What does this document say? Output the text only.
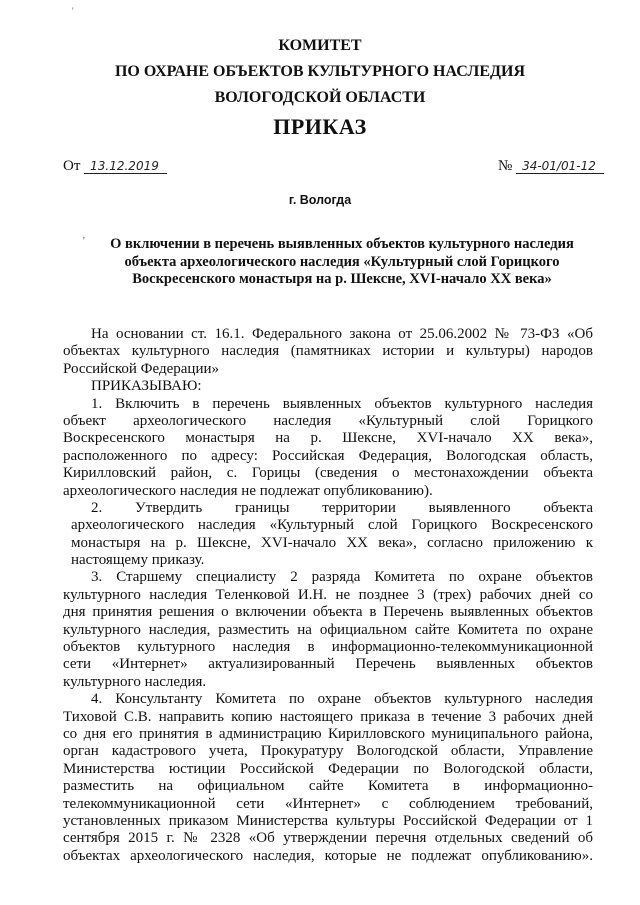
'
КОМИТЕТ
ПО ОХРАНЕ ОБЪЕКТОВ КУЛЬТУРНОГО НАСЛЕДИЯ
ВОЛОГОДСКОЙ ОБЛАСТИ
ПРИКАЗ
От 13.12.2019	№ 34-01/01-12
г. Вологда
'	О включении в перечень выявленных объектов культурного наследия
объекта археологического наследия «Культурный слой Горицкого
Воскресенского монастыря на р. Шексне, XVI-начало XX века»
На основании ст. 16.1. Федерального закона от 25.06.2002 № 73-ФЗ «Об
объектах культурного наследия (памятниках истории и культуры) народов
Российской Федерации»
ПРИКАЗЫВАЮ:
1. Включить в перечень выявленных объектов культурного наследия
объект археологического наследия «Культурный слой Горицкого
Воскресенского монастыря на р. Шексне, XVI-начало XX века»,
расположенного по адресу: Российская Федерация, Вологодская область,
Кирилловский район, с. Горицы (сведения о местонахождении объекта
археологического наследия не подлежат опубликованию).
2. Утвердить границы территории выявленного объекта
археологического наследия «Культурный слой Горицкого Воскресенского
монастыря на р. Шексне, XVI-начало XX века», согласно приложению к
настоящему приказу.
3. Старшему специалисту 2 разряда Комитета по охране объектов
культурного наследия Теленковой И.Н. не позднее 3 (трех) рабочих дней со
дня принятия решения о включении объекта в Перечень выявленных объектов
культурного наследия, разместить на официальном сайте Комитета по охране
объектов культурного наследия в информационно-телекоммуникационной
сети «Интернет» актуализированный Перечень выявленных объектов
культурного наследия.
4. Консультанту Комитета по охране объектов культурного наследия
Тиховой С.В. направить копию настоящего приказа в течение 3 рабочих дней
со дня его принятия в администрацию Кирилловского муниципального района,
орган кадастрового учета, Прокуратуру Вологодской области, Управление
Министерства юстиции Российской Федерации по Вологодской области,
разместить на официальном сайте Комитета в информационно-
телекоммуникационной сети «Интернет» с соблюдением требований,
установленных приказом Министерства культуры Российской Федерации от 1
сентября 2015 г. № 2328 «Об утверждении перечня отдельных сведений об
объектах археологического наследия, которые не подлежат опубликованию».
